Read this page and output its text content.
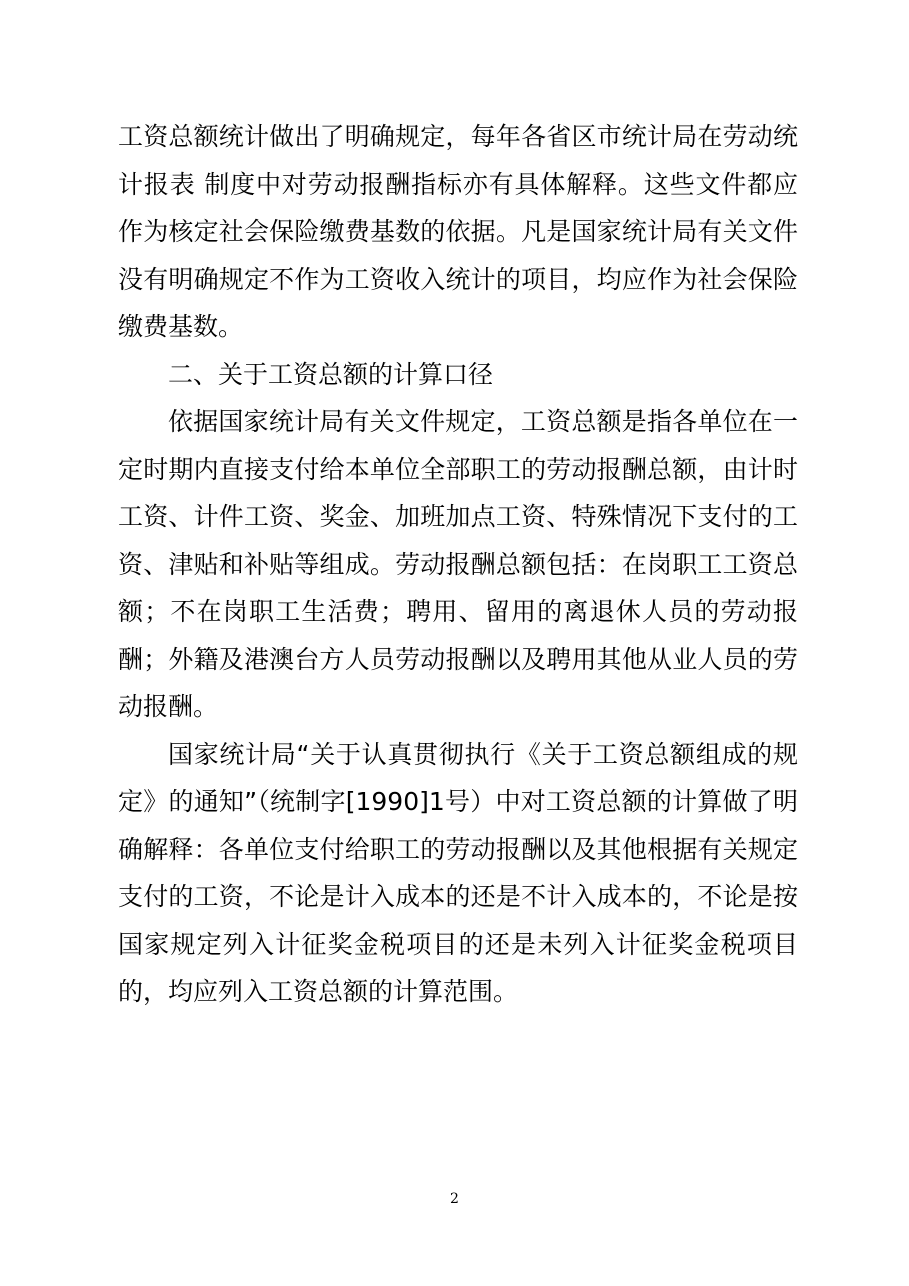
工资总额统计做出了明确规定，每年各省区市统计局在劳动统计报表 制度中对劳动报酬指标亦有具体解释。这些文件都应作为核定社会保险缴费基数的依据。凡是国家统计局有关文件没有明确规定不作为工资收入统计的项目，均应作为社会保险缴费基数。

二、关于工资总额的计算口径

依据国家统计局有关文件规定，工资总额是指各单位在一定时期内直接支付给本单位全部职工的劳动报酬总额，由计时工资、计件工资、奖金、加班加点工资、特殊情况下支付的工资、津贴和补贴等组成。劳动报酬总额包括：在岗职工工资总额；不在岗职工生活费；聘用、留用的离退休人员的劳动报酬；外籍及港澳台方人员劳动报酬以及聘用其他从业人员的劳动报酬。

国家统计局“关于认真贯彻执行《关于工资总额组成的规定》的通知”（统制字[1990]1号）中对工资总额的计算做了明确解释：各单位支付给职工的劳动报酬以及其他根据有关规定支付的工资，不论是计入成本的还是不计入成本的，不论是按国家规定列入计征奖金税项目的还是未列入计征奖金税项目的，均应列入工资总额的计算范围。

2
